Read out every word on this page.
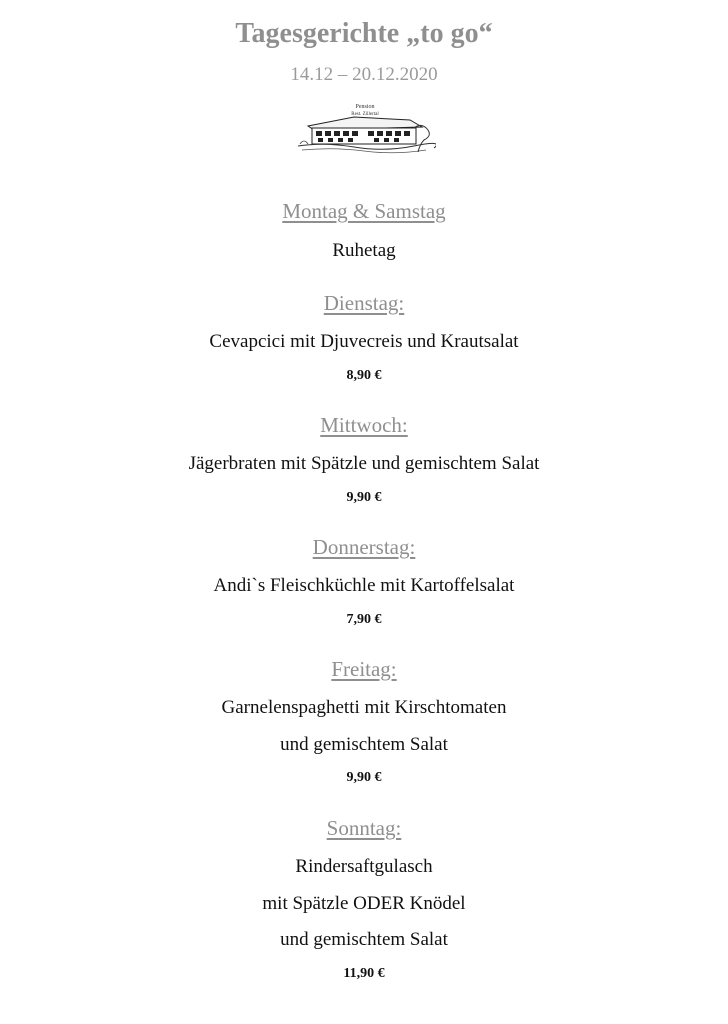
Tagesgerichte „to go“
14.12 – 20.12.2020
Pension
Rest. Zillertal
Montag & Samstag
Ruhetag
Dienstag:
Cevapcici mit Djuvecreis und Krautsalat
8,90 €
Mittwoch:
Jägerbraten mit Spätzle und gemischtem Salat
9,90 €
Donnerstag:
Andi`s Fleischküchle mit Kartoffelsalat
7,90 €
Freitag:
Garnelenspaghetti mit Kirschtomaten
und gemischtem Salat
9,90 €
Sonntag:
Rindersaftgulasch
mit Spätzle ODER Knödel
und gemischtem Salat
11,90 €
